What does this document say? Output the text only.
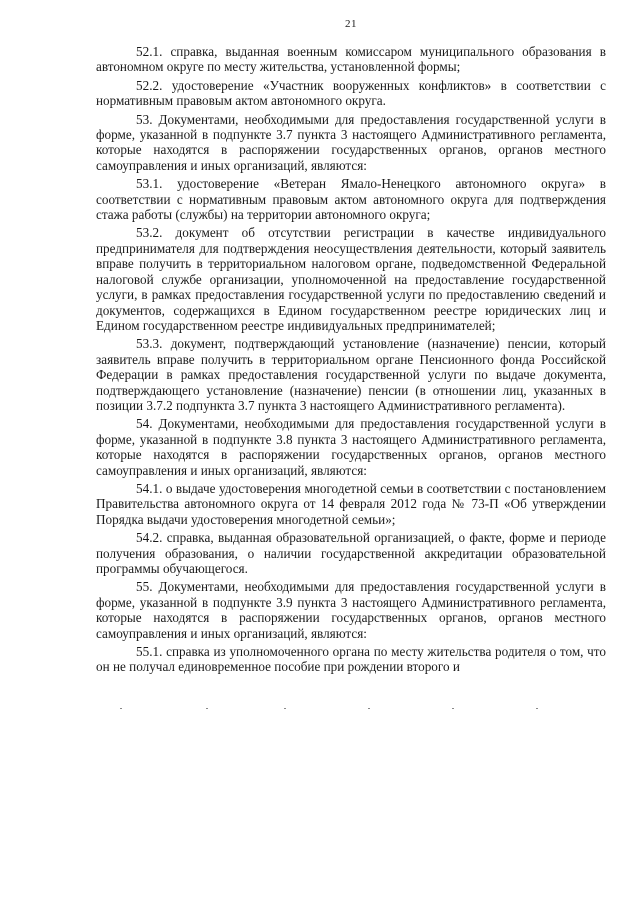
21

52.1. справка, выданная военным комиссаром муниципального образования в автономном округе по месту жительства, установленной формы;

52.2. удостоверение «Участник вооруженных конфликтов» в соответствии с нормативным правовым актом автономного округа.

53. Документами, необходимыми для предоставления государственной услуги в форме, указанной в подпункте 3.7 пункта 3 настоящего Административного регламента, которые находятся в распоряжении государственных органов, органов местного самоуправления и иных организаций, являются:

53.1. удостоверение «Ветеран Ямало-Ненецкого автономного округа» в соответствии с нормативным правовым актом автономного округа для подтверждения стажа работы (службы) на территории автономного округа;

53.2. документ об отсутствии регистрации в качестве индивидуального предпринимателя для подтверждения неосуществления деятельности, который заявитель вправе получить в территориальном налоговом органе, подведомственной Федеральной налоговой службе организации, уполномоченной на предоставление государственной услуги, в рамках предоставления государственной услуги по предоставлению сведений и документов, содержащихся в Едином государственном реестре юридических лиц и Едином государственном реестре индивидуальных предпринимателей;

53.3. документ, подтверждающий установление (назначение) пенсии, который заявитель вправе получить в территориальном органе Пенсионного фонда Российской Федерации в рамках предоставления государственной услуги по выдаче документа, подтверждающего установление (назначение) пенсии (в отношении лиц, указанных в позиции 3.7.2 подпункта 3.7 пункта 3 настоящего Административного регламента).

54. Документами, необходимыми для предоставления государственной услуги в форме, указанной в подпункте 3.8 пункта 3 настоящего Административного регламента, которые находятся в распоряжении государственных органов, органов местного самоуправления и иных организаций, являются:

54.1. о выдаче удостоверения многодетной семьи в соответствии с постановлением Правительства автономного округа от 14 февраля 2012 года № 73-П «Об утверждении Порядка выдачи удостоверения многодетной семьи»;

54.2. справка, выданная образовательной организацией, о факте, форме и периоде получения образования, о наличии государственной аккредитации образовательной программы обучающегося.

55. Документами, необходимыми для предоставления государственной услуги в форме, указанной в подпункте 3.9 пункта 3 настоящего Административного регламента, которые находятся в распоряжении государственных органов, органов местного самоуправления и иных организаций, являются:

55.1. справка из уполномоченного органа по месту жительства родителя о том, что он не получал единовременное пособие при рождении второго и
